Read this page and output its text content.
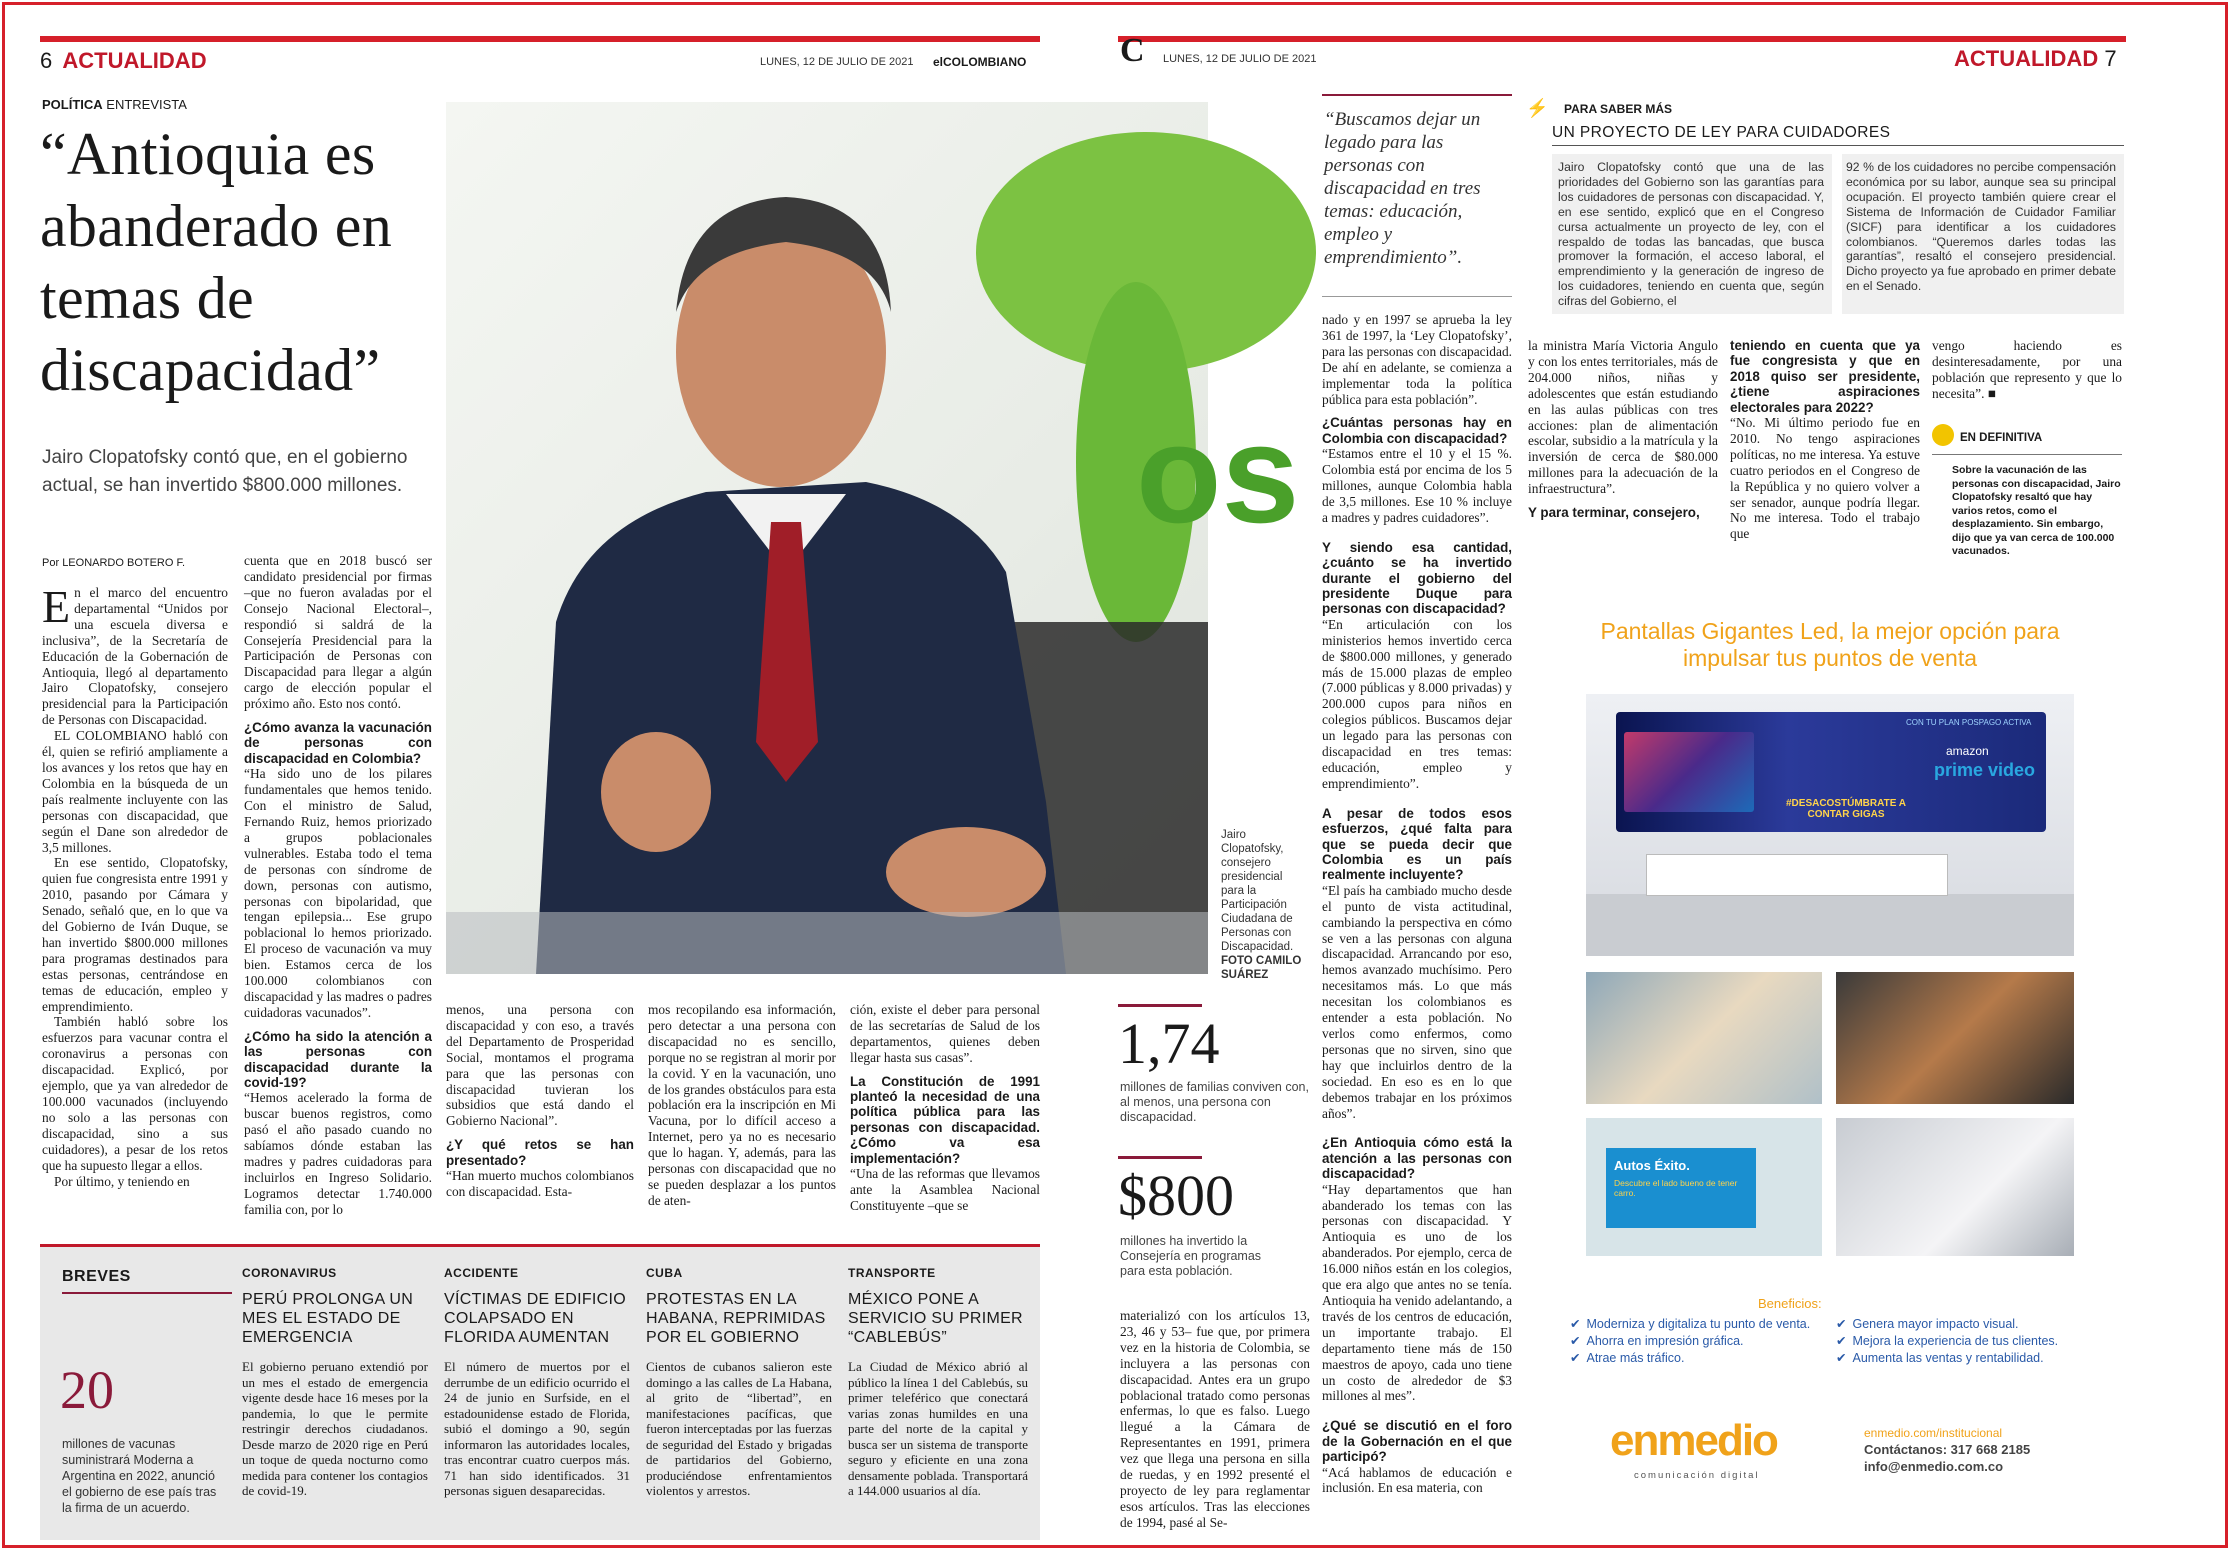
6 ACTUALIDAD	LUNES, 12 DE JULIO DE 2021 elCOLOMBIANO
POLÍTICA ENTREVISTA
“Antioquia es abanderado en temas de discapacidad”
Jairo Clopatofsky contó que, en el gobierno actual, se han invertido $800.000 millones.	os
Por LEONARDO BOTERO F.

En el marco del encuentro departamental “Unidos por una escuela diversa e inclusiva”, de la Secretaría de Educación de la Gobernación de Antioquia, llegó al departamento Jairo Clopatofsky, consejero presidencial para la Participación de Personas con Discapacidad.

EL COLOMBIANO habló con él, quien se refirió ampliamente a los avances y los retos que hay en Colombia en la búsqueda de un país realmente incluyente con las personas con discapacidad, que según el Dane son alrededor de 3,5 millones.

En ese sentido, Clopatofsky, quien fue congresista entre 1991 y 2010, pasando por Cámara y Senado, señaló que, en lo que va del Gobierno de Iván Duque, se han invertido $800.000 millones para programas destinados para estas personas, centrándose en temas de educación, empleo y emprendimiento.

También habló sobre los esfuerzos para vacunar contra el coronavirus a personas con discapacidad. Explicó, por ejemplo, que ya van alrededor de 100.000 vacunados (incluyendo no solo a las personas con discapacidad, sino a sus cuidadores), a pesar de los retos que ha supuesto llegar a ellos.

Por último, y teniendo en

cuenta que en 2018 buscó ser candidato presidencial por firmas –que no fueron avaladas por el Consejo Nacional Electoral–, respondió si saldrá de la Consejería Presidencial para la Participación de Personas con Discapacidad para llegar a algún cargo de elección popular el próximo año. Esto nos contó.

¿Cómo avanza la vacunación de personas con discapacidad en Colombia?

“Ha sido uno de los pilares fundamentales que hemos tenido. Con el ministro de Salud, Fernando Ruiz, hemos priorizado a grupos poblacionales vulnerables. Estaba todo el tema de personas con síndrome de down, personas con autismo, personas con bipolaridad, que tengan epilepsia... Ese grupo poblacional lo hemos priorizado. El proceso de vacunación va muy bien. Estamos cerca de los 100.000 colombianos con discapacidad y las madres o padres cuidadoras vacunados”.

¿Cómo ha sido la atención a las personas con discapacidad durante la covid-19?

“Hemos acelerado la forma de buscar buenos registros, como pasó el año pasado cuando no sabíamos dónde estaban las madres y padres cuidadoras para incluirlos en Ingreso Solidario. Logramos detectar 1.740.000 familia con, por lo

menos, una persona con discapacidad y con eso, a través del Departamento de Prosperidad Social, montamos el programa para que las personas con discapacidad tuvieran los subsidios que está dando el Gobierno Nacional”.

¿Y qué retos se han presentado?

“Han muerto muchos colombianos con discapacidad. Esta-

mos recopilando esa información, pero detectar a una persona con discapacidad no es sencillo, porque no se registran al morir por la covid. Y en la vacunación, uno de los grandes obstáculos para esta población era la inscripción en Mi Vacuna, por lo difícil acceso a Internet, pero ya no es necesario que lo hagan. Y, además, para las personas con discapacidad que no se pueden desplazar a los puntos de aten-

ción, existe el deber para personal de las secretarías de Salud de los departamentos, quienes deben llegar hasta sus casas”.

La Constitución de 1991 planteó la necesidad de una política pública para las personas con discapacidad. ¿Cómo va esa implementación?

“Una de las reformas que llevamos ante la Asamblea Nacional Constituyente –que se

BREVES
20
millones de vacunas suministrará Moderna a Argentina en 2022, anunció el gobierno de ese país tras la firma de un acuerdo.
CORONAVIRUS
PERÚ PROLONGA UN MES EL ESTADO DE EMERGENCIA
El gobierno peruano extendió por un mes el estado de emergencia vigente desde hace 16 meses por la pandemia, lo que le permite restringir derechos ciudadanos. Desde marzo de 2020 rige en Perú un toque de queda nocturno como medida para contener los contagios de covid-19.
ACCIDENTE
VÍCTIMAS DE EDIFICIO COLAPSADO EN FLORIDA AUMENTAN
El número de muertos por el derrumbe de un edificio ocurrido el 24 de junio en Surfside, en el estadounidense estado de Florida, subió el domingo a 90, según informaron las autoridades locales, tras encontrar cuatro cuerpos más. 71 han sido identificados. 31 personas siguen desaparecidas.
CUBA
PROTESTAS EN LA HABANA, REPRIMIDAS POR EL GOBIERNO
Cientos de cubanos salieron este domingo a las calles de La Habana, al grito de “libertad”, en manifestaciones pacíficas, que fueron interceptadas por las fuerzas de seguridad del Estado y brigadas de partidarios del Gobierno, produciéndose enfrentamientos violentos y arrestos.
TRANSPORTE
MÉXICO PONE A SERVICIO SU PRIMER “CABLEBÚS”
La Ciudad de México abrió al público la línea 1 del Cablebús, su primer teleférico que conectará varias zonas humildes en una parte del norte de la capital y busca ser un sistema de transporte seguro y eficiente en una zona densamente poblada. Transportará a 144.000 usuarios al día.
C LUNES, 12 DE JULIO DE 2021	ACTUALIDAD 7
“Buscamos dejar un legado para las personas con discapacidad en tres temas: educación, empleo y emprendimiento”.
Jairo Clopatofsky, consejero presidencial para la Participación Ciudadana de Personas con Discapacidad. FOTO CAMILO SUÁREZ
1,74
millones de familias conviven con, al menos, una persona con discapacidad.
$800
millones ha invertido la Consejería en programas para esta población.

materializó con los artículos 13, 23, 46 y 53– fue que, por primera vez en la historia de Colombia, se incluyera a las personas con discapacidad. Antes era un grupo poblacional tratado como personas enfermas, lo que es falso. Luego llegué a la Cámara de Representantes en 1991, primera vez que llega una persona en silla de ruedas, y en 1992 presenté el proyecto de ley para reglamentar esos artículos. Tras las elecciones de 1994, pasé al Se-

nado y en 1997 se aprueba la ley 361 de 1997, la ‘Ley Clopatofsky’, para las personas con discapacidad. De ahí en adelante, se comienza a implementar toda la política pública para esta población”.

¿Cuántas personas hay en Colombia con discapacidad?

“Estamos entre el 10 y el 15 %. Colombia está por encima de los 5 millones, aunque Colombia habla de 3,5 millones. Ese 10 % incluye a madres y padres cuidadores”.

Y siendo esa cantidad, ¿cuánto se ha invertido durante el gobierno del presidente Duque para personas con discapacidad?

“En articulación con los ministerios hemos invertido cerca de $800.000 millones, y generado más de 15.000 plazas de empleo (7.000 públicas y 8.000 privadas) y 200.000 cupos para niños en colegios públicos. Buscamos dejar un legado para las personas con discapacidad en tres temas: educación, empleo y emprendimiento”.

A pesar de todos esos esfuerzos, ¿qué falta para que se pueda decir que Colombia es un país realmente incluyente?

“El país ha cambiado mucho desde el punto de vista actitudinal, cambiando la perspectiva en cómo se ven a las personas con alguna discapacidad. Arrancando por eso, hemos avanzado muchísimo. Pero necesitamos más. Lo que más necesitan los colombianos es entender a esta población. No verlos como enfermos, como personas que no sirven, sino que hay que incluirlos dentro de la sociedad. En eso es en lo que debemos trabajar en los próximos años”.

¿En Antioquia cómo está la atención a las personas con discapacidad?

“Hay departamentos que han abanderado los temas con las personas con discapacidad. Y Antioquia es uno de los abanderados. Por ejemplo, cerca de 16.000 niños están en los colegios, que era algo que antes no se tenía. Antioquia ha venido adelantando, a través de los centros de educación, un importante trabajo. El departamento tiene más de 150 maestros de apoyo, cada uno tiene un costo de alrededor de $3 millones al mes”.

¿Qué se discutió en el foro de la Gobernación en el que participó?

“Acá hablamos de educación e inclusión. En esa materia, con

⚡ PARA SABER MÁS
UN PROYECTO DE LEY PARA CUIDADORES
Jairo Clopatofsky contó que una de las prioridades del Gobierno son las garantías para los cuidadores de personas con discapacidad. Y, en ese sentido, explicó que en el Congreso cursa actualmente un proyecto de ley, con el respaldo de todas las bancadas, que busca promover la formación, el acceso laboral, el emprendimiento y la generación de ingreso de los cuidadores, teniendo en cuenta que, según cifras del Gobierno, el
92 % de los cuidadores no percibe compensación económica por su labor, aunque sea su principal ocupación. El proyecto también quiere crear el Sistema de Información de Cuidador Familiar (SICF) para identificar a los cuidadores colombianos. “Queremos darles todas las garantías”, resaltó el consejero presidencial. Dicho proyecto ya fue aprobado en primer debate en el Senado.

la ministra María Victoria Angulo y con los entes territoriales, más de 204.000 niños, niñas y adolescentes que están estudiando en las aulas públicas con tres acciones: plan de alimentación escolar, subsidio a la matrícula y la inversión de cerca de $80.000 millones para la adecuación de la infraestructura”.

Y para terminar, consejero,
teniendo en cuenta que ya fue congresista y que en 2018 quiso ser presidente, ¿tiene aspiraciones electorales para 2022?

“No. Mi último periodo fue en 2010. No tengo aspiraciones políticas, no me interesa. Ya estuve cuatro periodos en el Congreso de la República y no quiero volver a ser senador, aunque podría llegar. No me interesa. Todo el trabajo que

vengo haciendo es desinteresadamente, por una población que represento y que lo necesita”. ■

EN DEFINITIVA
Sobre la vacunación de las personas con discapacidad, Jairo Clopatofsky resaltó que hay varios retos, como el desplazamiento. Sin embargo, dijo que ya van cerca de 100.000 vacunados.
Pantallas Gigantes Led, la mejor opción para impulsar tus puntos de venta
CON TU PLAN POSPAGO ACTIVA
amazon
prime video
#DESACOSTÚMBRATE A CONTAR GIGAS
Autos Éxito.
Descubre el lado bueno de tener carro.
Beneficios:
✔ Moderniza y digitaliza tu punto de venta.
✔ Ahorra en impresión gráfica.
✔ Atrae más tráfico.
✔ Genera mayor impacto visual.
✔ Mejora la experiencia de tus clientes.
✔ Aumenta las ventas y rentabilidad.
enmedio
comunicación digital
enmedio.com/institucional
Contáctanos: 317 668 2185
info@enmedio.com.co
